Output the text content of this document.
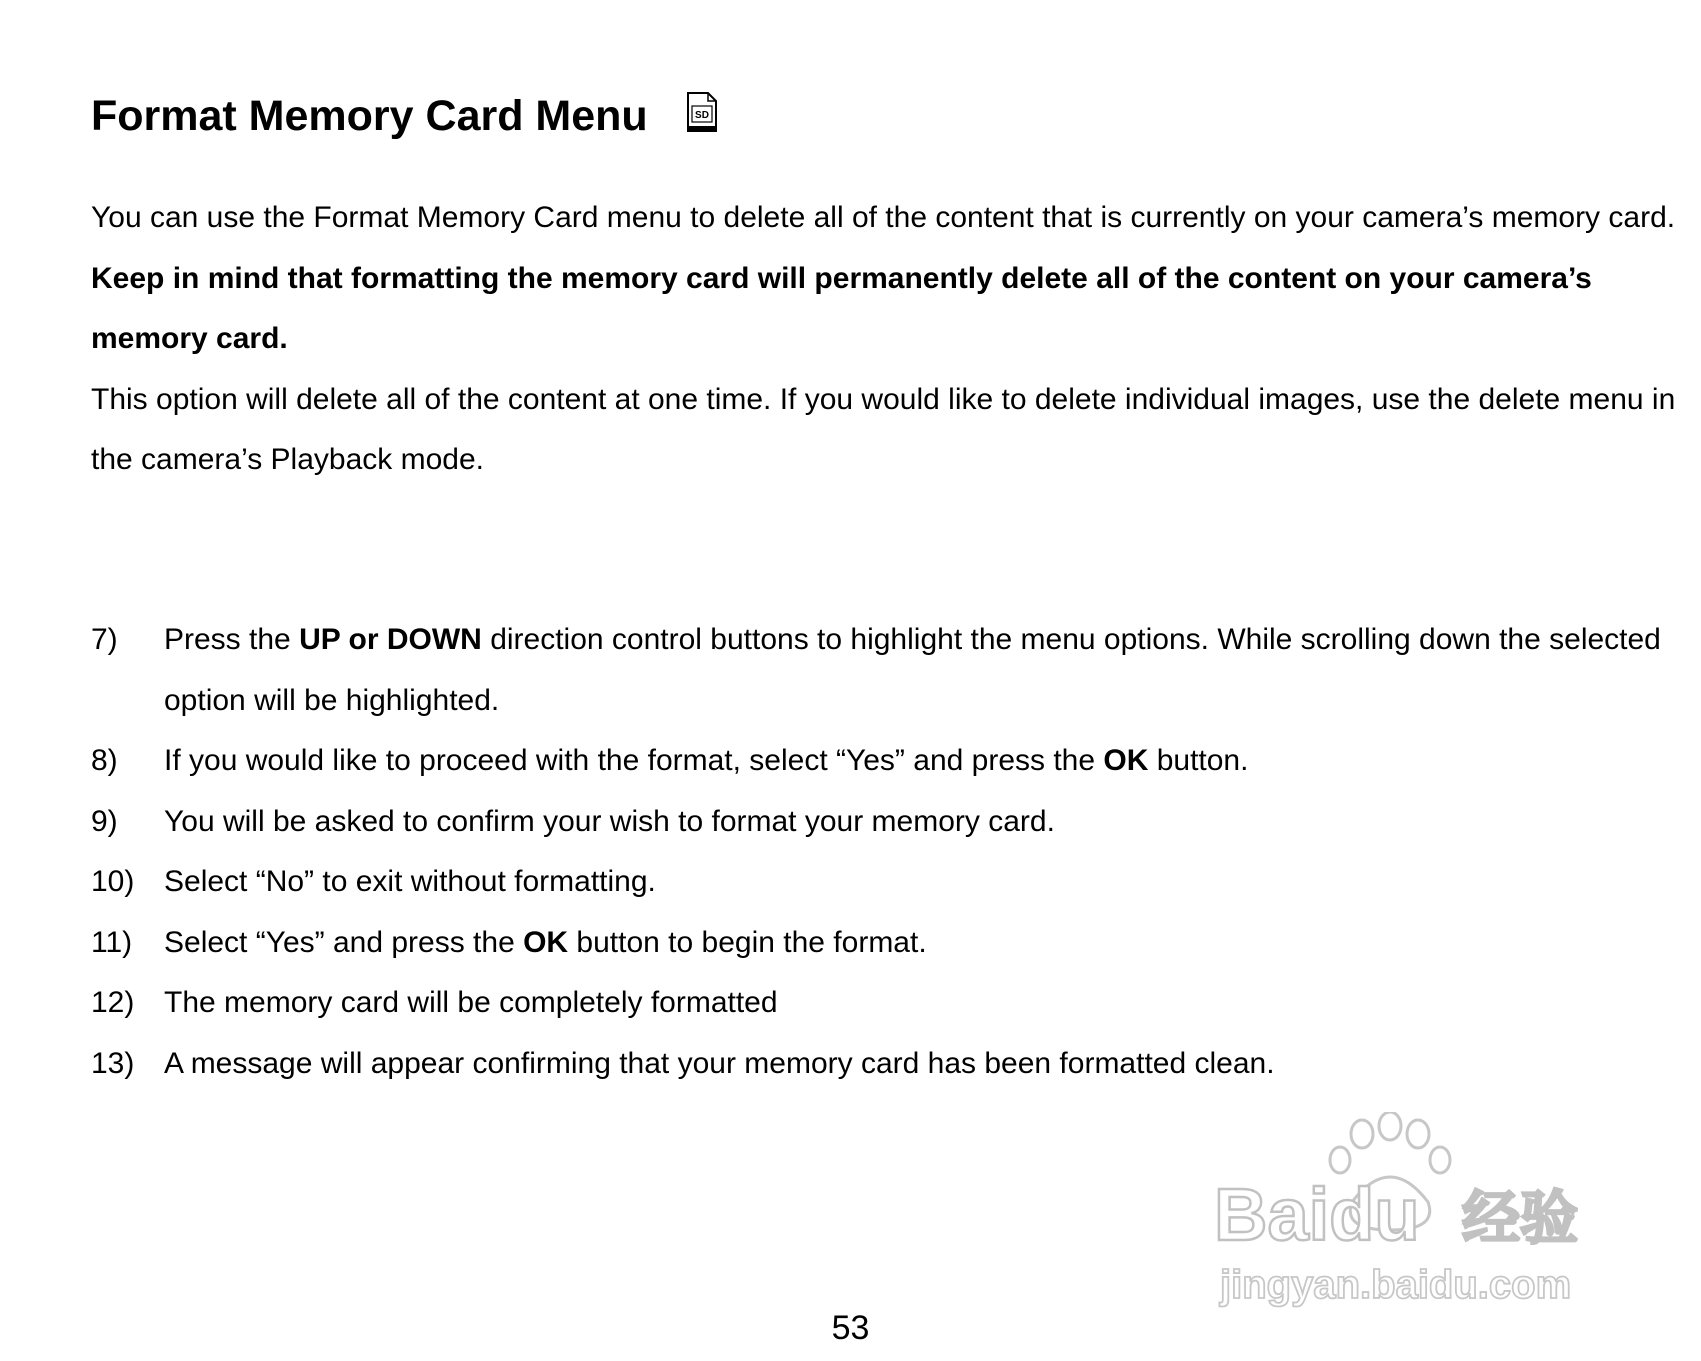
Format Memory Card Menu	SD

You can use the Format Memory Card menu to delete all of the content that is currently on your camera’s memory card.

Keep in mind that formatting the memory card will permanently delete all of the content on your camera’s memory card.

This option will delete all of the content at one time. If you would like to delete individual images, use the delete menu in the camera’s Playback mode.

7)	Press the UP or DOWN direction control buttons to highlight the menu options. While scrolling down the selected option will be highlighted.
8)	If you would like to proceed with the format, select “Yes” and press the OK button.
9)	You will be asked to confirm your wish to format your memory card.
10) Select “No” to exit without formatting.
11)	Select “Yes” and press the OK button to begin the format.
12) The memory card will be completely formatted
13) A message will appear confirming that your memory card has been formatted clean.
Baidu 经验
jingyan.baidu.com
53
